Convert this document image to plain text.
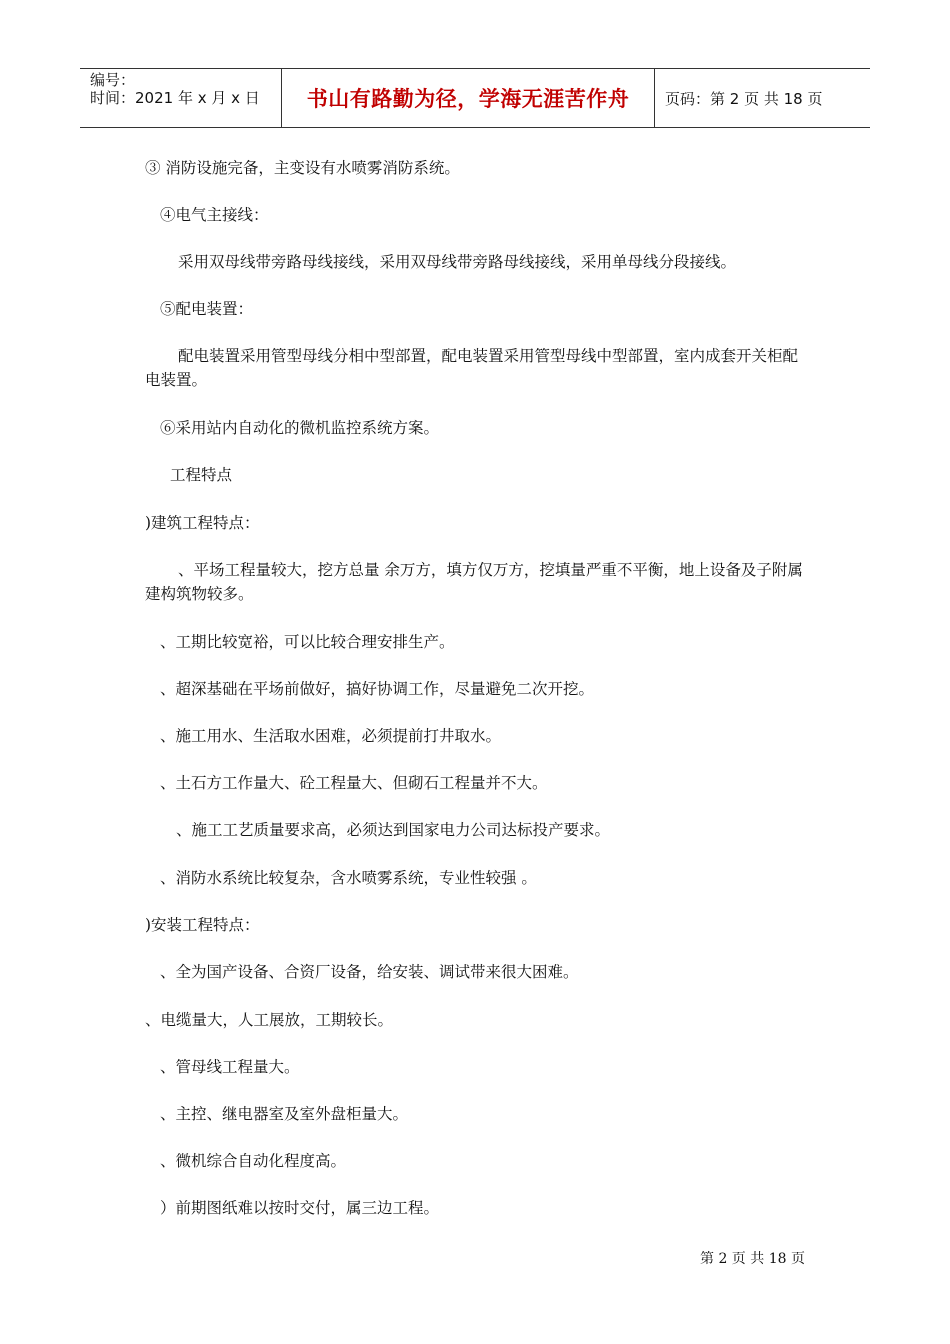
编号：
时间：2021 年 x 月 x 日	书山有路勤为径，学海无涯苦作舟 页码：第 2 页 共 18 页
③ 消防设施完备，主变设有水喷雾消防系统。
④电气主接线：
采用双母线带旁路母线接线，采用双母线带旁路母线接线，采用单母线分段接线。
⑤配电装置：
配电装置采用管型母线分相中型部置，配电装置采用管型母线中型部置，室内成套开关柜配电装置。
⑥采用站内自动化的微机监控系统方案。
工程特点
)建筑工程特点：
、平场工程量较大，挖方总量 余万方，填方仅万方，挖填量严重不平衡，地上设备及子附属建构筑物较多。
、工期比较宽裕，可以比较合理安排生产。
、超深基础在平场前做好，搞好协调工作，尽量避免二次开挖。
、施工用水、生活取水困难，必须提前打井取水。
、土石方工作量大、砼工程量大、但砌石工程量并不大。
、施工工艺质量要求高，必须达到国家电力公司达标投产要求。
、消防水系统比较复杂，含水喷雾系统，专业性较强 。
)安装工程特点：
、全为国产设备、合资厂设备，给安装、调试带来很大困难。
、电缆量大，人工展放，工期较长。
、管母线工程量大。
、主控、继电器室及室外盘柜量大。
、微机综合自动化程度高。
）前期图纸难以按时交付，属三边工程。
第 2 页 共 18 页
